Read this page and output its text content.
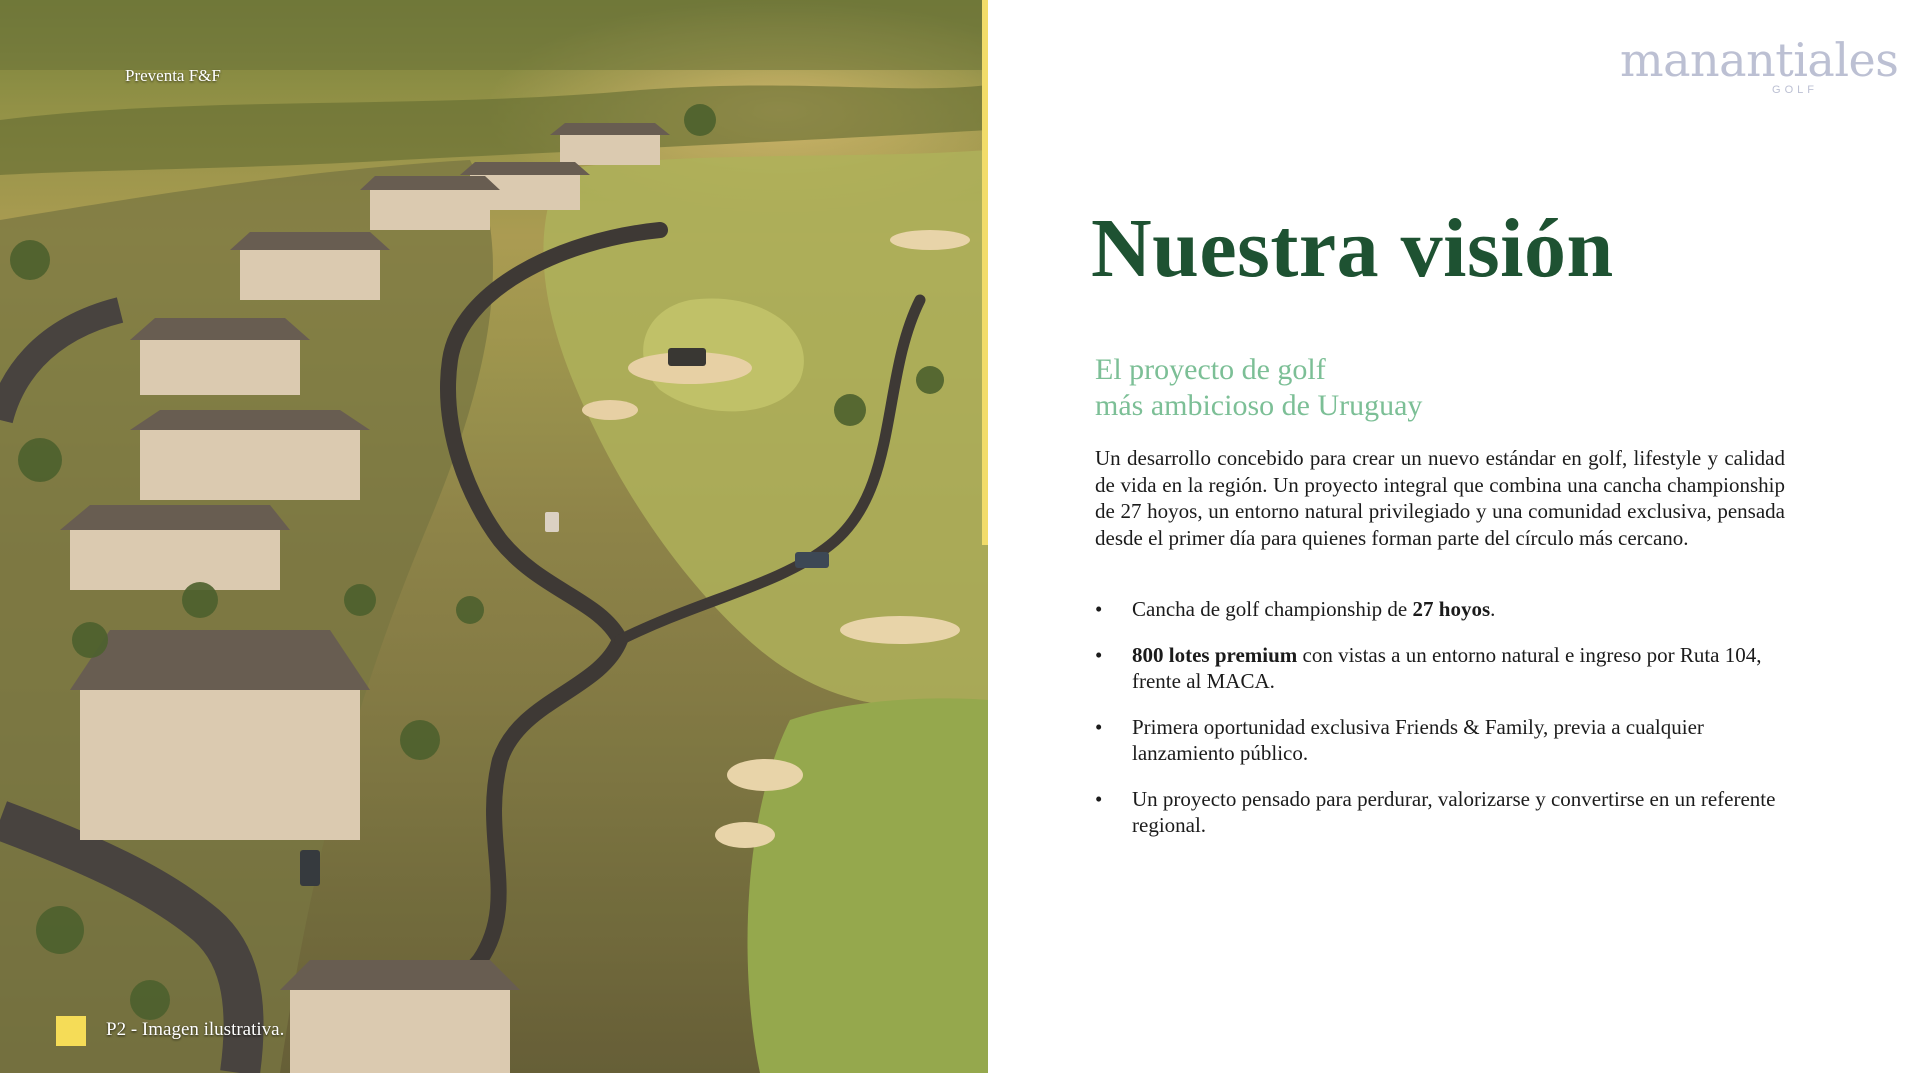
Preventa F&F
P2 - Imagen ilustrativa.
manantiales
GOLF
Nuestra visión
El proyecto de golf
más ambicioso de Uruguay

Un desarrollo concebido para crear un nuevo estándar en golf, lifestyle y calidad de vida en la región. Un proyecto integral que combina una cancha championship de 27 hoyos, un entorno natural privilegiado y una comunidad exclusiva, pensada desde el primer día para quienes forman parte del círculo más cercano.

• Cancha de golf championship de 27 hoyos.
• 800 lotes premium con vistas a un entorno natural e ingreso por Ruta 104, frente al MACA.
• Primera oportunidad exclusiva Friends & Family, previa a cualquier lanzamiento público.
• Un proyecto pensado para perdurar, valorizarse y convertirse en un referente regional.
